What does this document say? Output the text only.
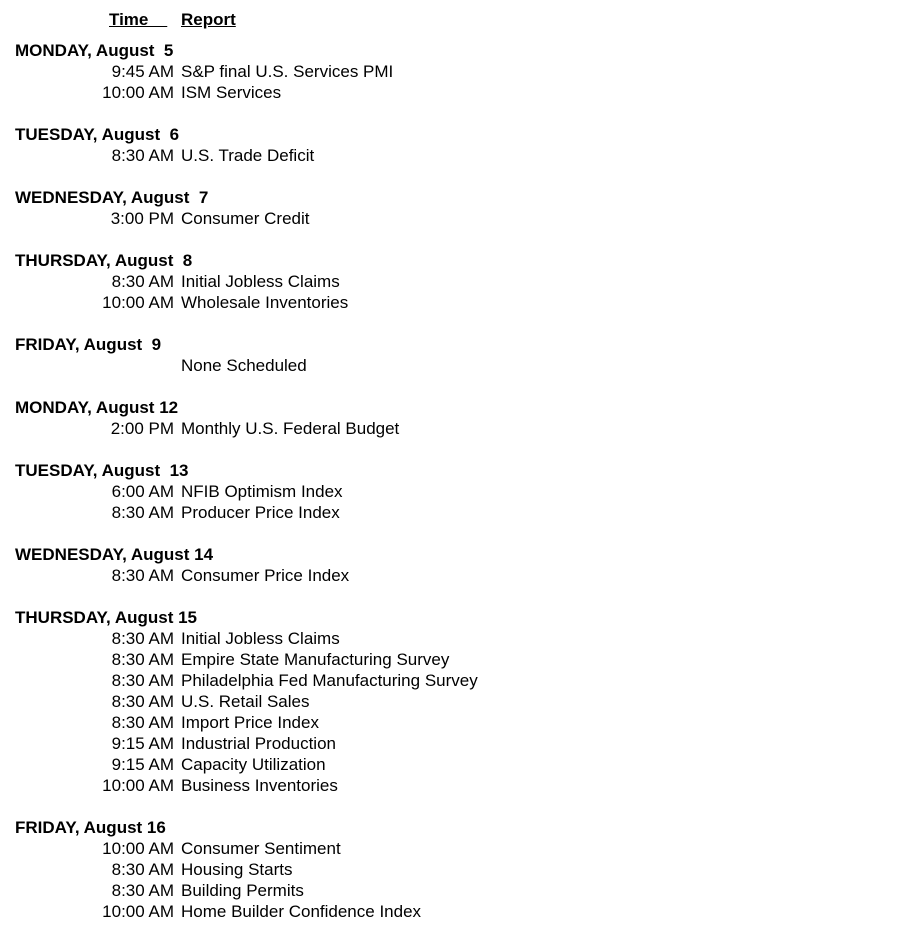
Time Report
MONDAY, August  5
9:45 AM S&P final U.S. Services PMI
10:00 AM ISM Services
TUESDAY, August  6
8:30 AM U.S. Trade Deficit
WEDNESDAY, August  7
3:00 PM Consumer Credit
THURSDAY, August  8
8:30 AM Initial Jobless Claims
10:00 AM Wholesale Inventories
FRIDAY, August  9
None Scheduled
MONDAY, August 12
2:00 PM Monthly U.S. Federal Budget
TUESDAY, August  13
6:00 AM NFIB Optimism Index
8:30 AM Producer Price Index
WEDNESDAY, August 14
8:30 AM Consumer Price Index
THURSDAY, August 15
8:30 AM Initial Jobless Claims
8:30 AM Empire State Manufacturing Survey
8:30 AM Philadelphia Fed Manufacturing Survey
8:30 AM U.S. Retail Sales
8:30 AM Import Price Index
9:15 AM Industrial Production
9:15 AM Capacity Utilization
10:00 AM Business Inventories
FRIDAY, August 16
10:00 AM Consumer Sentiment
8:30 AM Housing Starts
8:30 AM Building Permits
10:00 AM Home Builder Confidence Index
